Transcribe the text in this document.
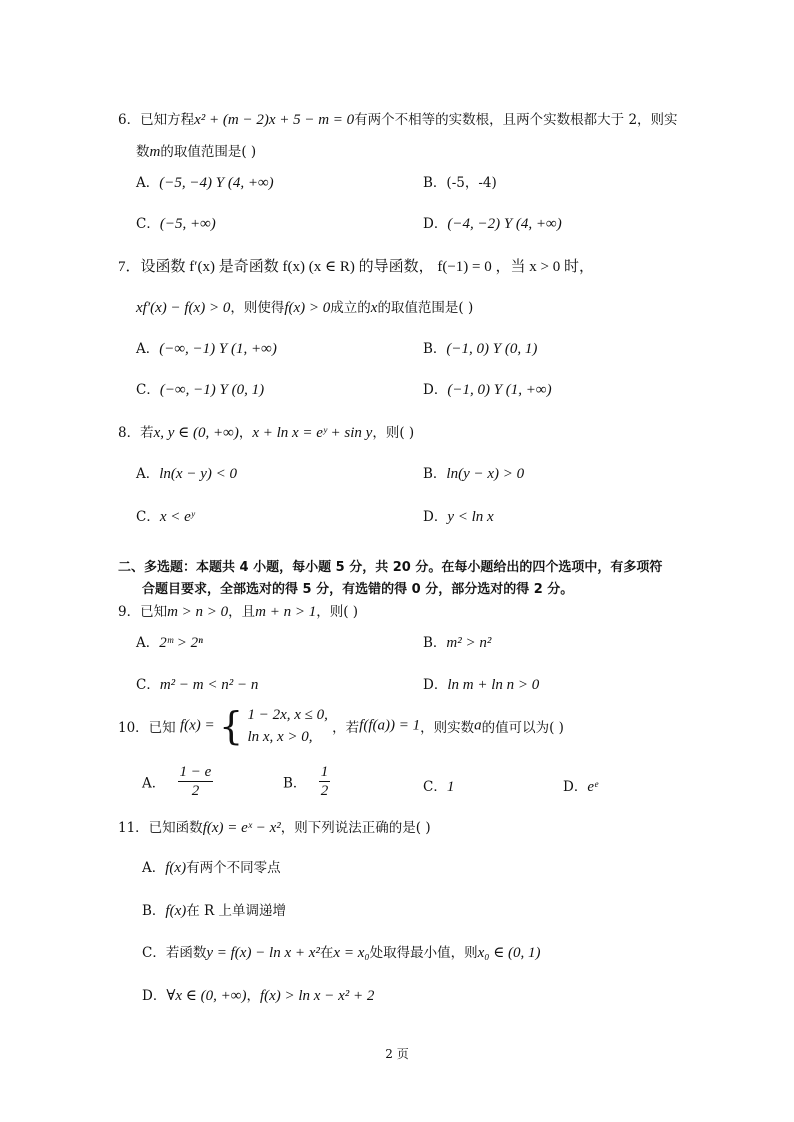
6．已知方程x² + (m − 2)x + 5 − m = 0有两个不相等的实数根，且两个实数根都大于 2，则实
数m的取值范围是( )
A．(−5, −4) Y (4, +∞)	B．(-5，-4)
C．(−5, +∞)	D．(−4, −2) Y (4, +∞)
7．设函数 f′(x) 是奇函数 f(x) (x ∈ R) 的导函数， f(−1) = 0 ，当 x > 0 时，
xf′(x) − f(x) > 0，则使得f(x) > 0成立的x的取值范围是( )
A．(−∞, −1) Y (1, +∞)	B．(−1, 0) Y (0, 1)
C．(−∞, −1) Y (0, 1)	D．(−1, 0) Y (1, +∞)
8．若x, y ∈ (0, +∞)，x + ln x = eʸ + sin y，则( )
A．ln(x − y) < 0	B．ln(y − x) > 0
C．x < eʸ	D．y < ln x
二、多选题：本题共 4 小题，每小题 5 分，共 20 分。在每小题给出的四个选项中，有多项符
合题目要求，全部选对的得 5 分，有选错的得 0 分，部分选对的得 2 分。
9．已知m > n > 0，且m + n > 1，则( )
A．2ᵐ > 2ⁿ	B．m² > n²
C．m² − m < n² − n	D．ln m + ln n > 0
10．已知 f(x) = { 1 − 2x, x ≤ 0,
ln x, x > 0,
，若f(f(a)) = 1，则实数a的值可以为( )
A． $\frac{1 - e}{2}$	B． $\frac{1}{2}$	C．1	D．eᵉ
11．已知函数f(x) = eˣ − x²，则下列说法正确的是( )
A．f(x)有两个不同零点
B．f(x)在 R 上单调递增
C．若函数y = f(x) − ln x + x²在x = x₀处取得最小值，则x₀ ∈ (0, 1)
D．∀x ∈ (0, +∞)，f(x) > ln x − x² + 2
2 页
